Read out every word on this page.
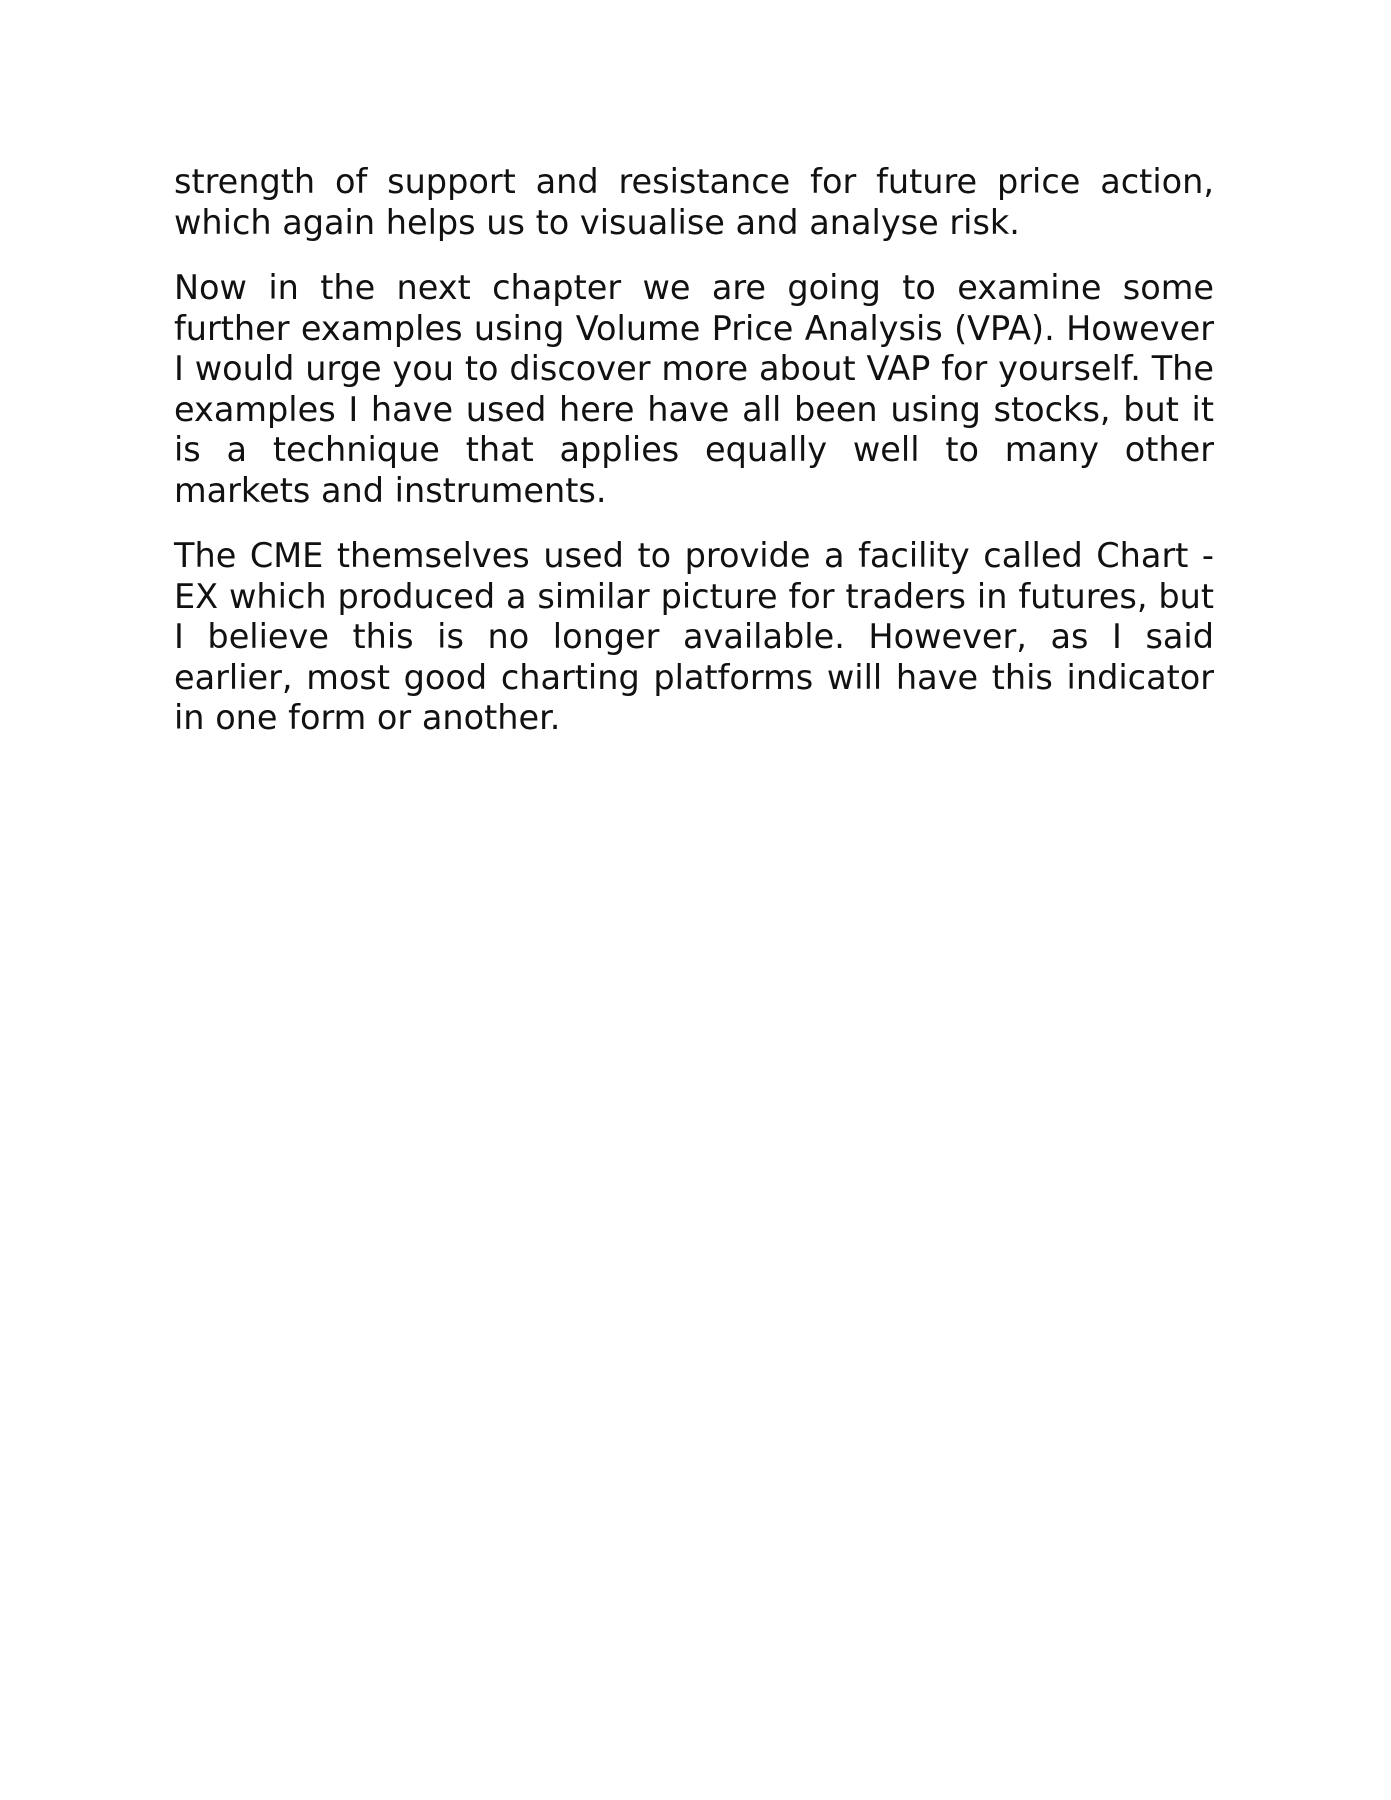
strength of support and resistance for future price action, which again helps us to visualise and analyse risk.

Now in the next chapter we are going to examine some further examples using Volume Price Analysis (VPA). However I would urge you to discover more about VAP for yourself. The examples I have used here have all been using stocks, but it is a technique that applies equally well to many other markets and instruments.

The CME themselves used to provide a facility called Chart -EX which produced a similar picture for traders in futures, but I believe this is no longer available. However, as I said earlier, most good charting platforms will have this indicator in one form or another.
